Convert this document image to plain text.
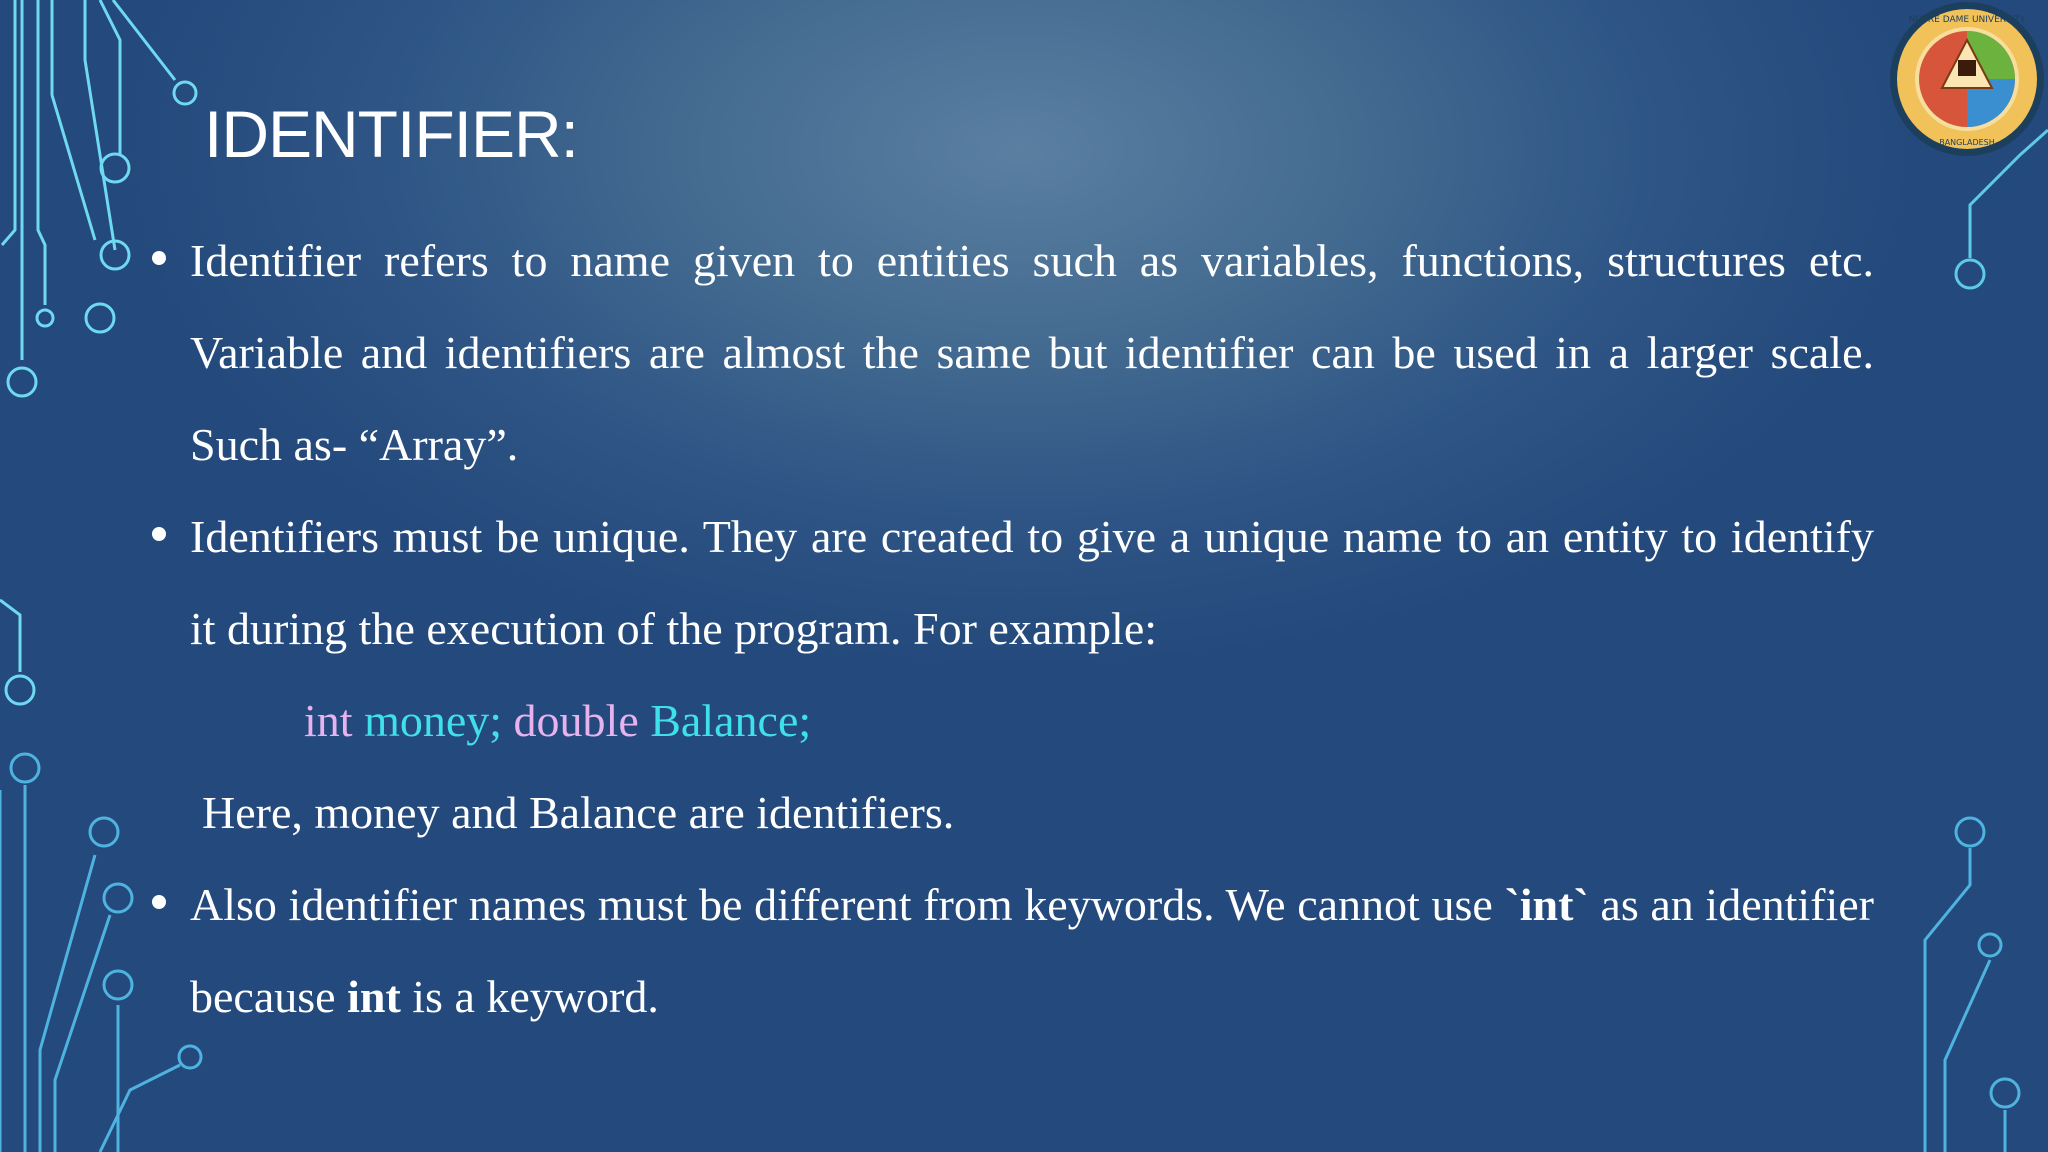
NOTRE DAME UNIVERSITY
BANGLADESH
IDENTIFIER:

Identifier refers to name given to entities such as variables, functions, structures etc. Variable and identifiers are almost the same but identifier can be used in a larger scale. Such as- “Array”.

Identifiers must be unique. They are created to give a unique name to an entity to identify it during the execution of the program. For example:

int money; double Balance;

Here, money and Balance are identifiers.

Also identifier names must be different from keywords. We cannot use `int` as an identifier because int is a keyword.
